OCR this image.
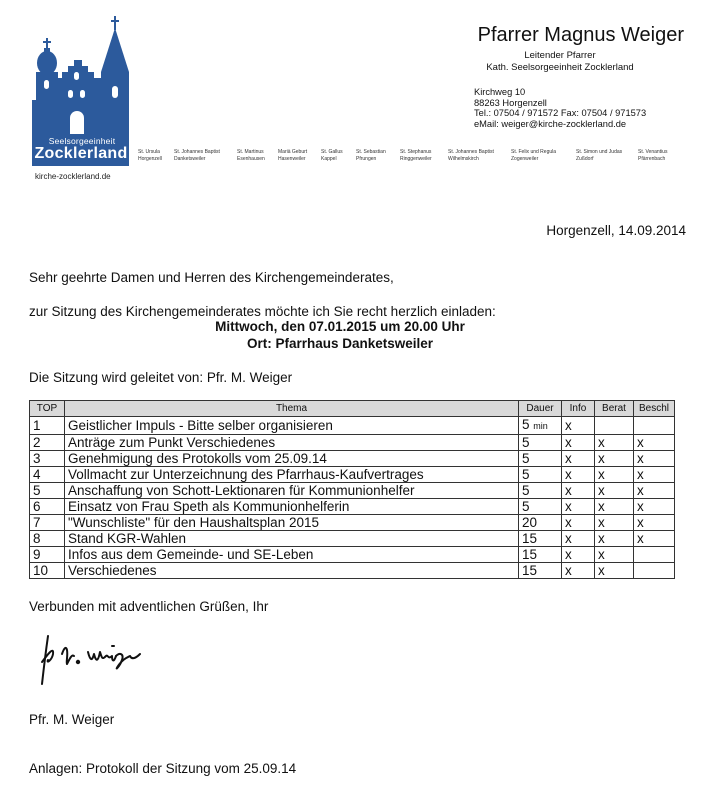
Seelsorgeeinheit
Zocklerland
kirche-zocklerland.de
St. Ursula
Horgenzell
St. Johannes Baptist
Danketsweiler
St. Martinus
Esenhausen
Mariä Geburt
Hasenweiler
St. Gallus
Kappel
St. Sebastian
Pfrungen
St. Stephanus
Ringgenweiler
St. Johannes Baptist
Wilhelmskirch
St. Felix und Regula
Zogenweiler
St. Simon und Judas
Zußdorf
St. Venantius
Pfärrenbach
Pfarrer Magnus Weiger
Leitender Pfarrer
Kath. Seelsorgeeinheit Zocklerland
Kirchweg 10
88263 Horgenzell
Tel.: 07504 / 971572 Fax: 07504 / 971573
eMail: weiger@kirche-zocklerland.de
Horgenzell, 14.09.2014
Sehr geehrte Damen und Herren des Kirchengemeinderates,
zur Sitzung des Kirchengemeinderates möchte ich Sie recht herzlich einladen:
Mittwoch, den 07.01.2015 um 20.00 Uhr
Ort: Pfarrhaus Danketsweiler
Die Sitzung wird geleitet von: Pfr. M. Weiger
TOP	Thema	Dauer	Info	Berat	Beschl
1	Geistlicher Impuls - Bitte selber organisieren	5 min	x		
2	Anträge zum Punkt Verschiedenes	5	x	x	x
3	Genehmigung des Protokolls vom 25.09.14	5	x	x	x
4	Vollmacht zur Unterzeichnung des Pfarrhaus-Kaufvertrages	5	x	x	x
5	Anschaffung von Schott-Lektionaren für Kommunionhelfer	5	x	x	x
6	Einsatz von Frau Speth als Kommunionhelferin	5	x	x	x
7	"Wunschliste" für den Haushaltsplan 2015	20	x	x	x
8	Stand KGR-Wahlen	15	x	x	x
9	Infos aus dem Gemeinde- und SE-Leben	15	x	x	
10	Verschiedenes	15	x	x	
Verbunden mit adventlichen Grüßen, Ihr
Pfr. M. Weiger
Anlagen: Protokoll der Sitzung vom 25.09.14
